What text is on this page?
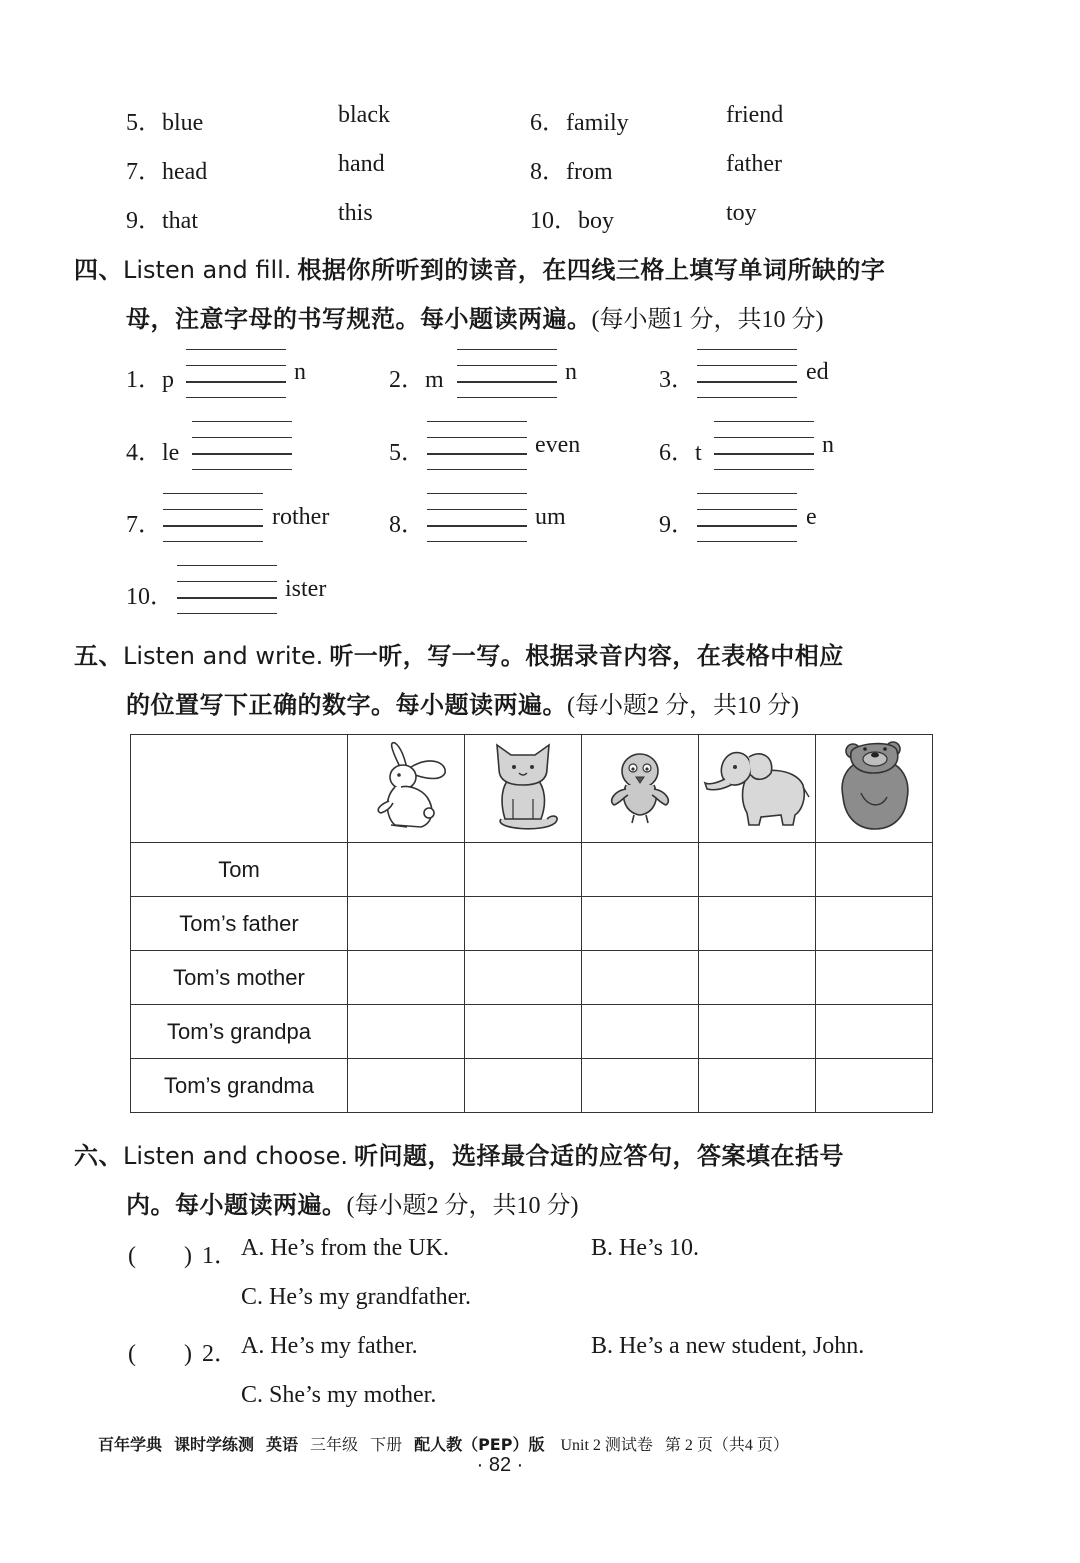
5．blue	black	6．family	friend
7．head	hand	8．from	father
9．that	this	10．boy	toy
四、Listen and fill. 根据你所听到的读音，在四线三格上填写单词所缺的字
母，注意字母的书写规范。每小题读两遍。(每小题1 分，共10 分)
1．p	n	2．m	n	3．	ed
4．le	5．	even	6．t	n
7．	rother 8．	um	9．	e
10．	ister
五、Listen and write. 听一听，写一写。根据录音内容，在表格中相应
的位置写下正确的数字。每小题读两遍。(每小题2 分，共10 分)

Tom					
Tom’s father					
Tom’s mother					
Tom’s grandpa					
Tom’s grandma					
六、Listen and choose. 听问题，选择最合适的应答句，答案填在括号
内。每小题读两遍。(每小题2 分，共10 分)
(　　) 1． A. He’s from the UK.	B. He’s 10.
C. He’s my grandfather.
(　　) 2． A. He’s my father.	B. He’s a new student, John.
C. She’s my mother.
百年学典 课时学练测 英语 三年级 下册 配人教（PEP）版 Unit 2 测试卷 第 2 页（共4 页）
· 82 ·
